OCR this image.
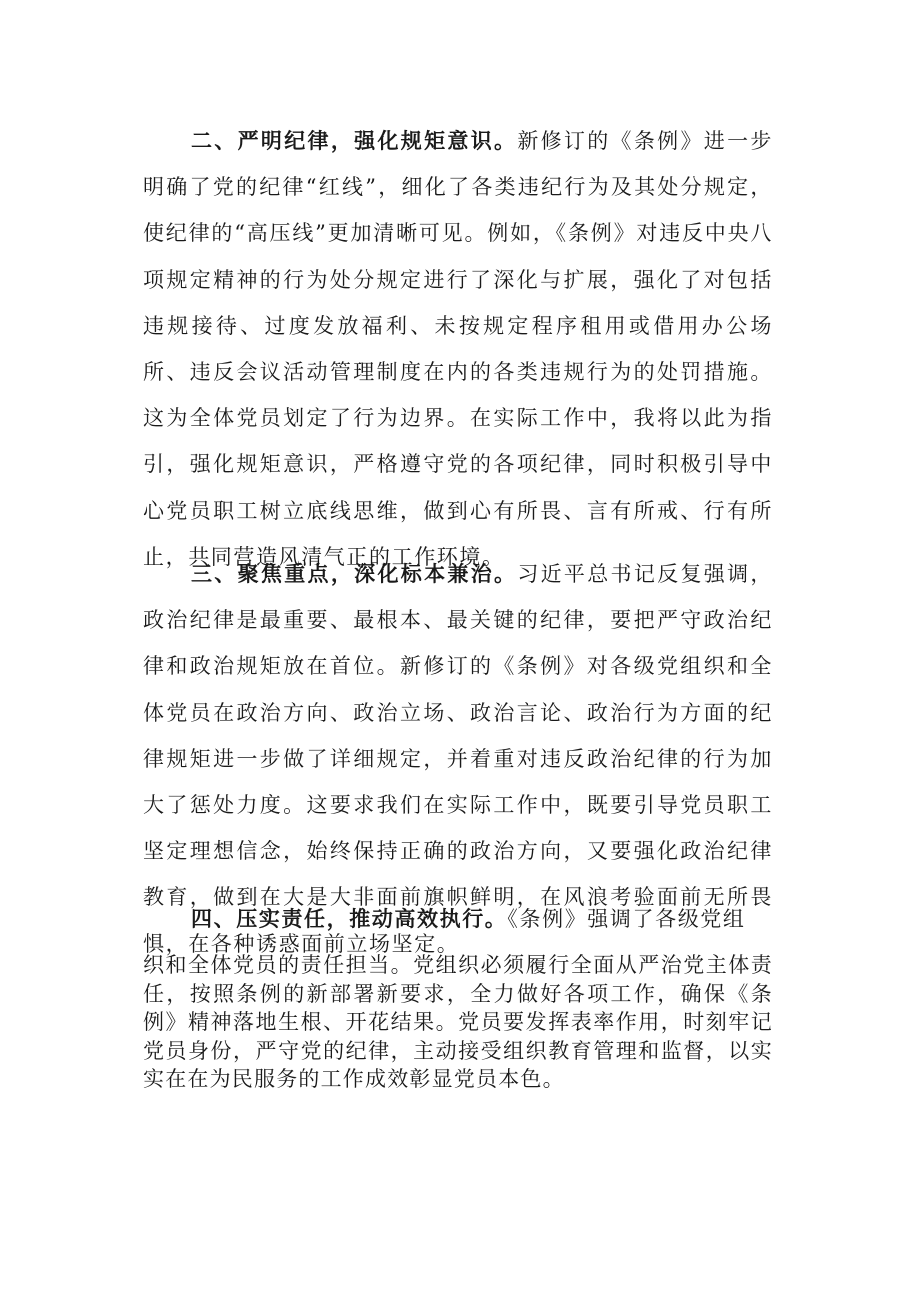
二、严明纪律，强化规矩意识。新修订的《条例》进一步明确了党的纪律“红线”，细化了各类违纪行为及其处分规定，使纪律的“高压线”更加清晰可见。例如，《条例》对违反中央八项规定精神的行为处分规定进行了深化与扩展，强化了对包括违规接待、过度发放福利、未按规定程序租用或借用办公场所、违反会议活动管理制度在内的各类违规行为的处罚措施。这为全体党员划定了行为边界。在实际工作中，我将以此为指引，强化规矩意识，严格遵守党的各项纪律，同时积极引导中心党员职工树立底线思维，做到心有所畏、言有所戒、行有所止，共同营造风清气正的工作环境。

三、聚焦重点，深化标本兼治。习近平总书记反复强调，政治纪律是最重要、最根本、最关键的纪律，要把严守政治纪律和政治规矩放在首位。新修订的《条例》对各级党组织和全体党员在政治方向、政治立场、政治言论、政治行为方面的纪律规矩进一步做了详细规定，并着重对违反政治纪律的行为加大了惩处力度。这要求我们在实际工作中，既要引导党员职工坚定理想信念，始终保持正确的政治方向，又要强化政治纪律教育，做到在大是大非面前旗帜鲜明，在风浪考验面前无所畏惧，在各种诱惑面前立场坚定。

四、压实责任，推动高效执行。《条例》强调了各级党组

织和全体党员的责任担当。党组织必须履行全面从严治党主体责任，按照条例的新部署新要求，全力做好各项工作，确保《条例》精神落地生根、开花结果。党员要发挥表率作用，时刻牢记党员身份，严守党的纪律，主动接受组织教育管理和监督，以实实在在为民服务的工作成效彰显党员本色。
